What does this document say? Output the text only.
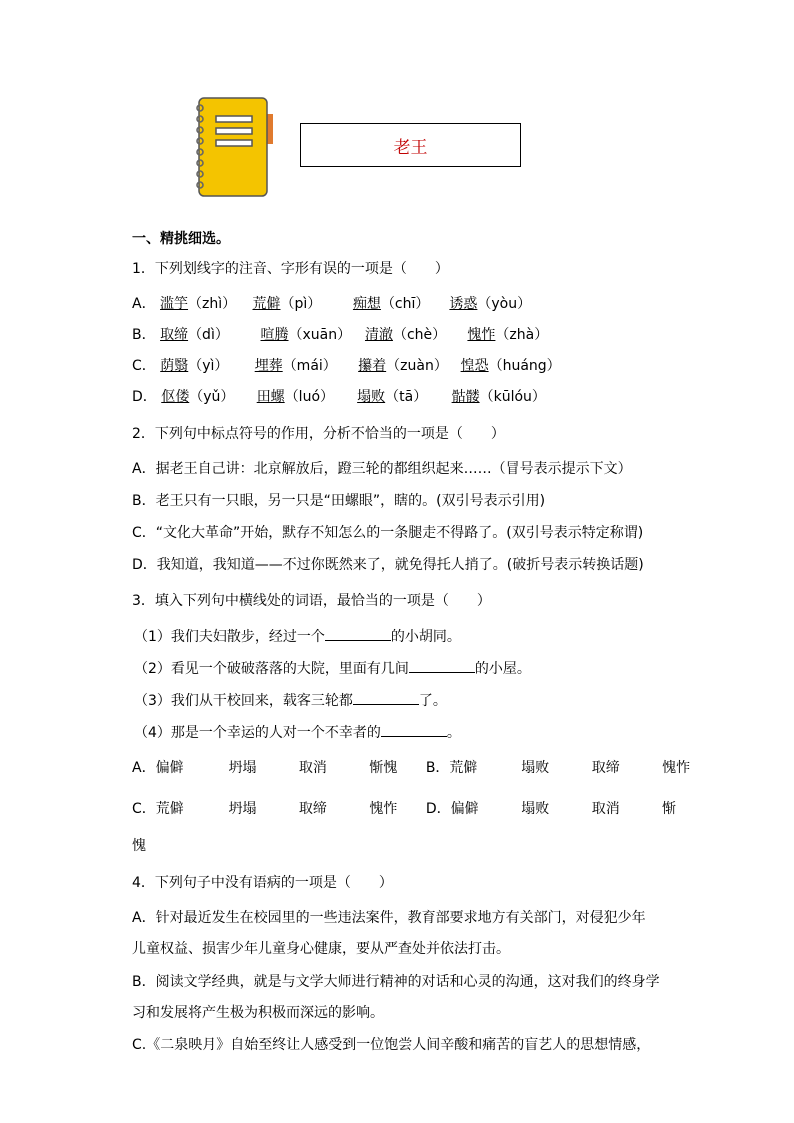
老王
一、精挑细选。
1．下列划线字的注音、字形有误的一项是（　　）
A． 滥竽（zhì） 荒僻（pì） 痴想（chī） 诱惑（yòu）
B． 取缔（dì） 喧腾（xuān） 清澈（chè） 愧怍（zhà）
C． 荫翳（yì） 埋葬（mái） 攥着（zuàn） 惶恐（huáng）
D． 伛偻（yǔ） 田螺（luó） 塌败（tā） 骷髅（kūlóu）
2．下列句中标点符号的作用，分析不恰当的一项是（　　）
A．据老王自己讲：北京解放后，蹬三轮的都组织起来……（冒号表示提示下文）
B．老王只有一只眼，另一只是“田螺眼”，瞎的。(双引号表示引用)
C．“文化大革命”开始，默存不知怎么的一条腿走不得路了。(双引号表示特定称谓)
D．我知道，我知道——不过你既然来了，就免得托人捎了。(破折号表示转换话题)
3．填入下列句中横线处的词语，最恰当的一项是（　　）
（1）我们夫妇散步，经过一个	的小胡同。
（2）看见一个破破落落的大院，里面有几间	的小屋。
（3）我们从干校回来，载客三轮都	了。
（4）那是一个幸运的人对一个不幸者的	。
A．偏僻	坍塌	取消	惭愧 B．荒僻	塌败	取缔	愧怍
C．荒僻	坍塌	取缔	愧怍 D．偏僻	塌败	取消	惭
愧
4．下列句子中没有语病的一项是（　　）
A．针对最近发生在校园里的一些违法案件，教育部要求地方有关部门，对侵犯少年
儿童权益、损害少年儿童身心健康，要从严查处并依法打击。
B．阅读文学经典，就是与文学大师进行精神的对话和心灵的沟通，这对我们的终身学
习和发展将产生极为积极而深远的影响。
C.《二泉映月》自始至终让人感受到一位饱尝人间辛酸和痛苦的盲艺人的思想情感，
